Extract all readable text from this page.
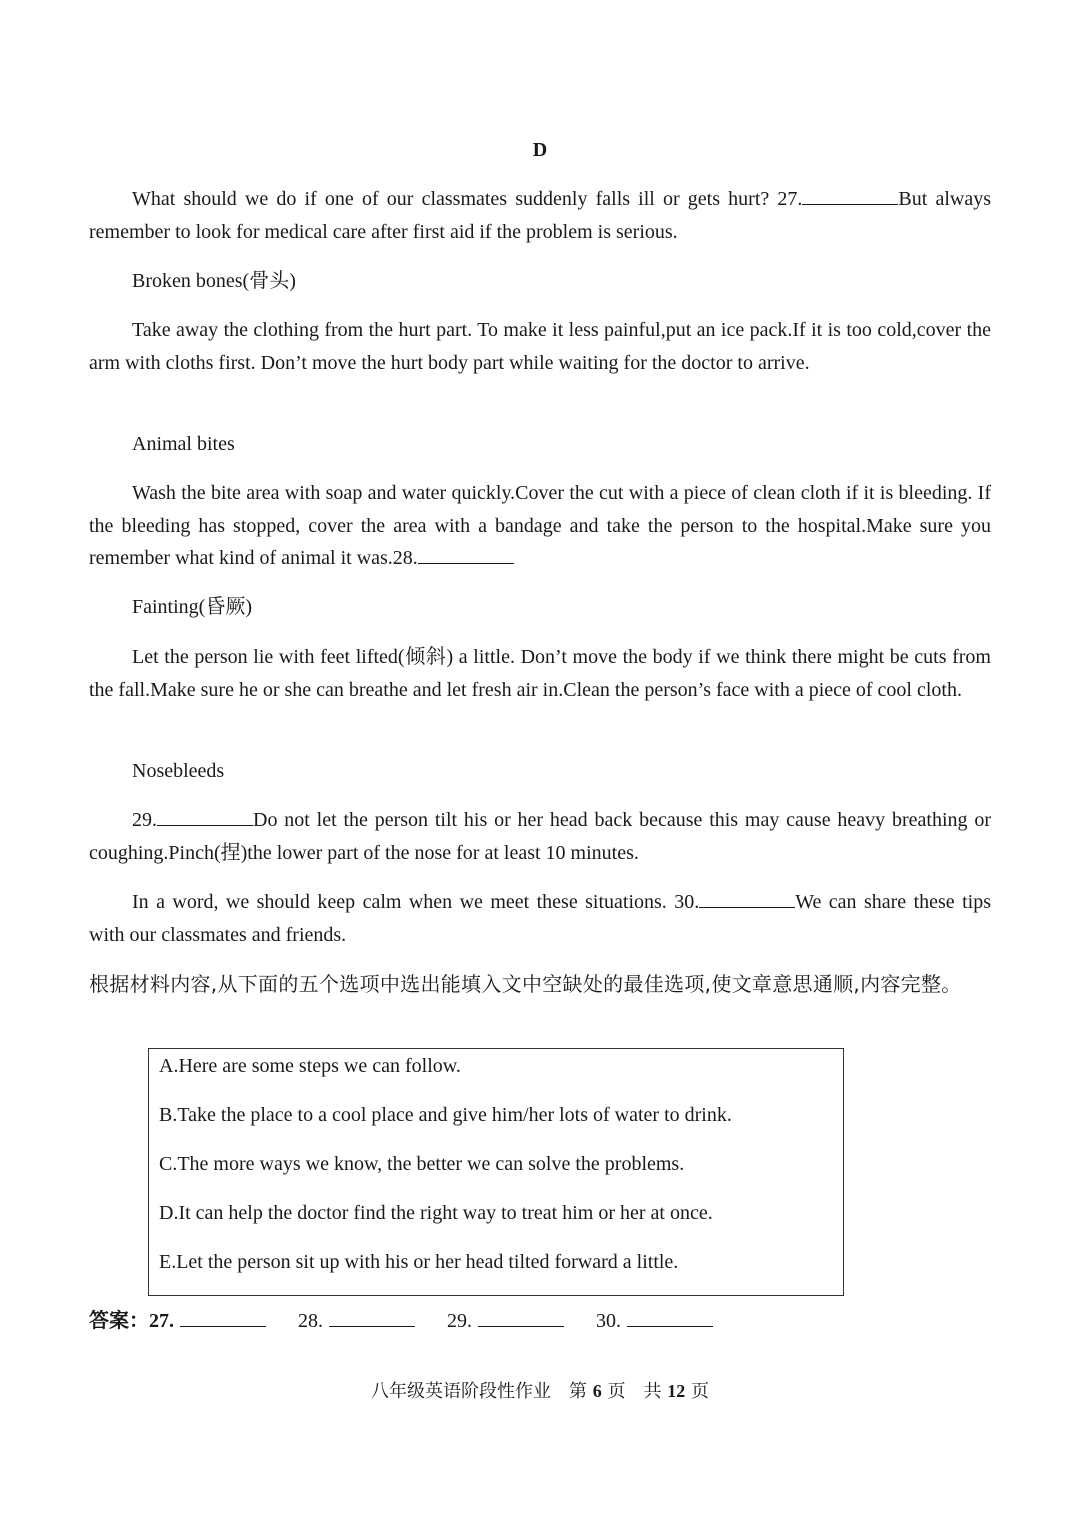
D

What should we do if one of our classmates suddenly falls ill or gets hurt? 27.	But always remember to look for medical care after first aid if the problem is serious.

Broken bones(骨头)

Take away the clothing from the hurt part. To make it less painful,put an ice pack.If it is too cold,cover the arm with cloths first. Don’t move the hurt body part while waiting for the doctor to arrive.

Animal bites

Wash the bite area with soap and water quickly.Cover the cut with a piece of clean cloth if it is bleeding. If the bleeding has stopped, cover the area with a bandage and take the person to the hospital.Make sure you remember what kind of animal it was.28.

Fainting(昏厥)

Let the person lie with feet lifted(倾斜) a little. Don’t move the body if we think there might be cuts from the fall.Make sure he or she can breathe and let fresh air in.Clean the person’s face with a piece of cool cloth.

Nosebleeds

29.	Do not let the person tilt his or her head back because this may cause heavy breathing or coughing.Pinch(捏)the lower part of the nose for at least 10 minutes.

In a word, we should keep calm when we meet these situations. 30.	We can share these tips with our classmates and friends.

根据材料内容,从下面的五个选项中选出能填入文中空缺处的最佳选项,使文章意思通顺,内容完整。

A.Here are some steps we can follow.

B.Take the place to a cool place and give him/her lots of water to drink.

C.The more ways we know, the better we can solve the problems.

D.It can help the doctor find the right way to treat him or her at once.

E.Let the person sit up with his or her head tilted forward a little.

答案：27.	28.	29.	30.
八年级英语阶段性作业　第 6 页　共 12 页
